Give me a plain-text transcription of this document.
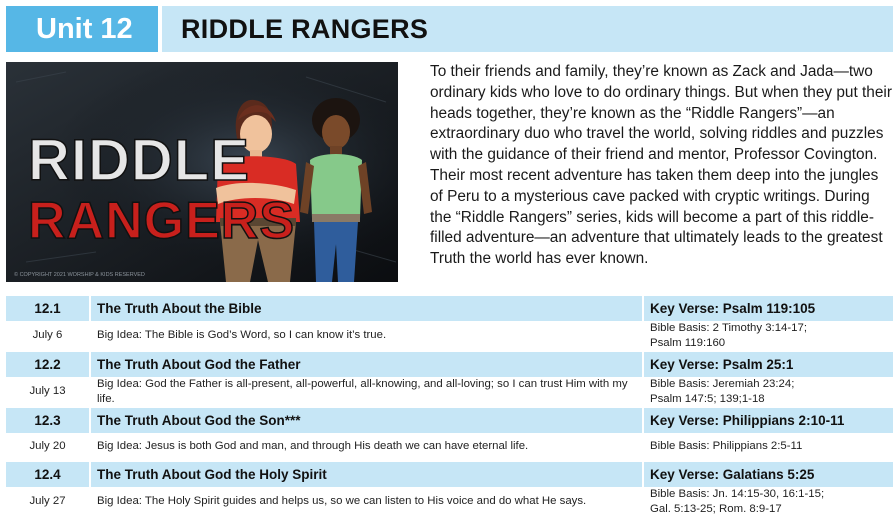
Unit 12	RIDDLE RANGERS
RIDDLE
RANGERS
© COPYRIGHT 2021 WORSHIP & KIDS RESERVED
To their friends and family, they’re known as Zack and Jada—two ordinary kids who love to do ordinary things. But when they put their heads together, they’re known as the “Riddle Rangers”—an extraordinary duo who travel the world, solving riddles and puzzles with the guidance of their friend and mentor, Professor Covington. Their most recent adventure has taken them deep into the jungles of Peru to a mysterious cave packed with cryptic writings. During the “Riddle Rangers” series, kids will become a part of this riddle-filled adventure—an adventure that ultimately leads to the greatest Truth the world has ever known.
12.1	The Truth About the Bible	Key Verse: Psalm 119:105
July 6	Big Idea: The Bible is God’s Word, so I can know it’s true.	Bible Basis: 2 Timothy 3:14-17;
Psalm 119:160

12.2	The Truth About God the Father	Key Verse: Psalm 25:1
July 13	Big Idea: God the Father is all-present, all-powerful, all-knowing, and all-loving; so I can trust Him with my life.	Bible Basis: Jeremiah 23:24;
Psalm 147:5; 139;1-18

12.3	The Truth About God the Son***	Key Verse: Philippians 2:10-11
July 20	Big Idea: Jesus is both God and man, and through His death we can have eternal life.	Bible Basis: Philippians 2:5-11

12.4	The Truth About God the Holy Spirit	Key Verse: Galatians 5:25
July 27	Big Idea: The Holy Spirit guides and helps us, so we can listen to His voice and do what He says.	Bible Basis: Jn. 14:15-30, 16:1-15;
Gal. 5:13-25; Rom. 8:9-17
